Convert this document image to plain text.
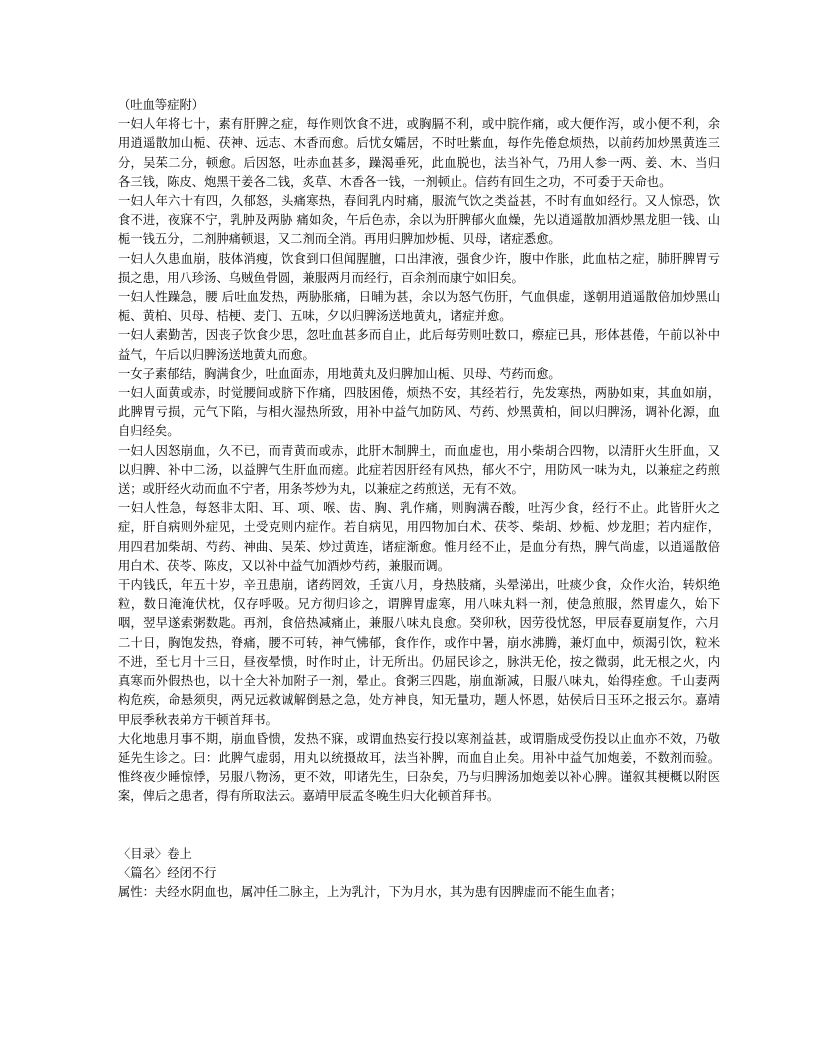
（吐血等症附）

一妇人年将七十，素有肝脾之症，每作则饮食不进，或胸膈不利，或中脘作痛，或大便作泻，或小便不利，余用逍遥散加山栀、茯神、远志、木香而愈。后忧女孀居，不时吐紫血，每作先倦怠烦热，以前药加炒黑黄连三分，吴茱二分，顿愈。后因怒，吐赤血甚多，躁渴垂死，此血脱也，法当补气，乃用人参一两、姜、木、当归各三钱，陈皮、炮黑干姜各二钱，炙草、木香各一钱，一剂顿止。信药有回生之功，不可委于天命也。

一妇人年六十有四，久郁怒，头痛寒热，春间乳内时痛，服流气饮之类益甚，不时有血如经行。又人惊恐，饮食不进，夜寐不宁，乳肿及两胁 痛如灸，午后色赤，余以为肝脾郁火血燥，先以逍遥散加酒炒黑龙胆一钱、山栀一钱五分，二剂肿痛顿退，又二剂而全消。再用归脾加炒栀、贝母，诸症悉愈。

一妇人久患血崩，肢体消瘦，饮食到口但闻腥膻，口出津液，强食少许，腹中作胀，此血枯之症，肺肝脾胃亏损之患，用八珍汤、乌贼鱼骨圆，兼服两月而经行，百余剂而康宁如旧矣。

一妇人性躁急，腰 后吐血发热，两胁胀痛，日晡为甚，余以为怒气伤肝，气血俱虚，遂朝用逍遥散倍加炒黑山栀、黄柏、贝母、桔梗、麦门、五味，夕以归脾汤送地黄丸，诸症并愈。

一妇人素勤苦，因丧子饮食少思，忽吐血甚多而自止，此后每劳则吐数口，瘵症已具，形体甚倦，午前以补中益气，午后以归脾汤送地黄丸而愈。

一女子素郁结，胸满食少，吐血面赤，用地黄丸及归脾加山栀、贝母、芍药而愈。

一妇人面黄或赤，时觉腰间或脐下作痛，四肢困倦，烦热不安，其经若行，先发寒热，两胁如束，其血如崩，此脾胃亏损，元气下陷，与相火湿热所致，用补中益气加防风、芍药、炒黑黄柏，间以归脾汤，调补化源，血自归经矣。

一妇人因怒崩血，久不已，而青黄而或赤，此肝木制脾土，而血虚也，用小柴胡合四物，以清肝火生肝血，又以归脾、补中二汤，以益脾气生肝血而瘥。此症若因肝经有风热，郁火不宁，用防风一味为丸，以兼症之药煎送；或肝经火动而血不宁者，用条芩炒为丸，以兼症之药煎送，无有不效。

一妇人性急，每怒非太阳、耳、项、喉、齿、胸、乳作痛，则胸满吞酸，吐泻少食，经行不止。此皆肝火之症，肝自病则外症见，土受克则内症作。若自病见，用四物加白术、茯苓、柴胡、炒栀、炒龙胆；若内症作，用四君加柴胡、芍药、神曲、吴茱、炒过黄连，诸症渐愈。惟月经不止，是血分有热，脾气尚虚，以逍遥散倍用白术、茯苓、陈皮，又以补中益气加酒炒芍药，兼服而调。

干内钱氏，年五十岁，辛丑患崩，诸药罔效，壬寅八月，身热肢痛，头晕涕出，吐痰少食，众作火治，转炽绝粒，数日淹淹伏枕，仅存呼吸。兄方彻归诊之，谓脾胃虚寒，用八味丸料一剂，使急煎服，然胃虚久，始下咽，翌早遂索粥数匙。再剂，食倍热减痛止，兼服八味丸良愈。癸卯秋，因劳役忧怒，甲辰春夏崩复作，六月二十日，胸饱发热，脊痛，腰不可转，神气怫郁，食作作，或作中暑，崩水沸腾，兼灯血中，烦渴引饮，粒米不进，至七月十三日，昼夜晕愦，时作时止，计无所出。仍屈民诊之，脉洪无伦，按之微弱，此无根之火，内真寒而外假热也，以十全大补加附子一剂，晕止。食粥三四匙，崩血渐减，日服八味丸，始得痊愈。千山妻两构危疾，命悬须臾，两兄远救诚解倒悬之急，处方神良，知无量功，题人怀恩，姑侯后日玉环之报云尔。嘉靖甲辰季秋表弟方干顿首拜书。

大化地患月事不期，崩血昏愦，发热不寐，或谓血热妄行投以寒剂益甚，或谓脂成受伤投以止血亦不效，乃敬延先生诊之。曰：此脾气虚弱，用丸以统摄故耳，法当补脾，而血自止矣。用补中益气加炮姜，不数剂而验。惟终夜少睡惊悸，另服八物汤，更不效，叩诸先生，曰杂矣，乃与归脾汤加炮姜以补心脾。谨叙其梗概以附医案，俾后之患者，得有所取法云。嘉靖甲辰孟冬晚生归大化顿首拜书。

〈目录〉卷上

〈篇名〉经闭不行

属性：夫经水阴血也，属冲任二脉主，上为乳汁，下为月水，其为患有因脾虚而不能生血者；
